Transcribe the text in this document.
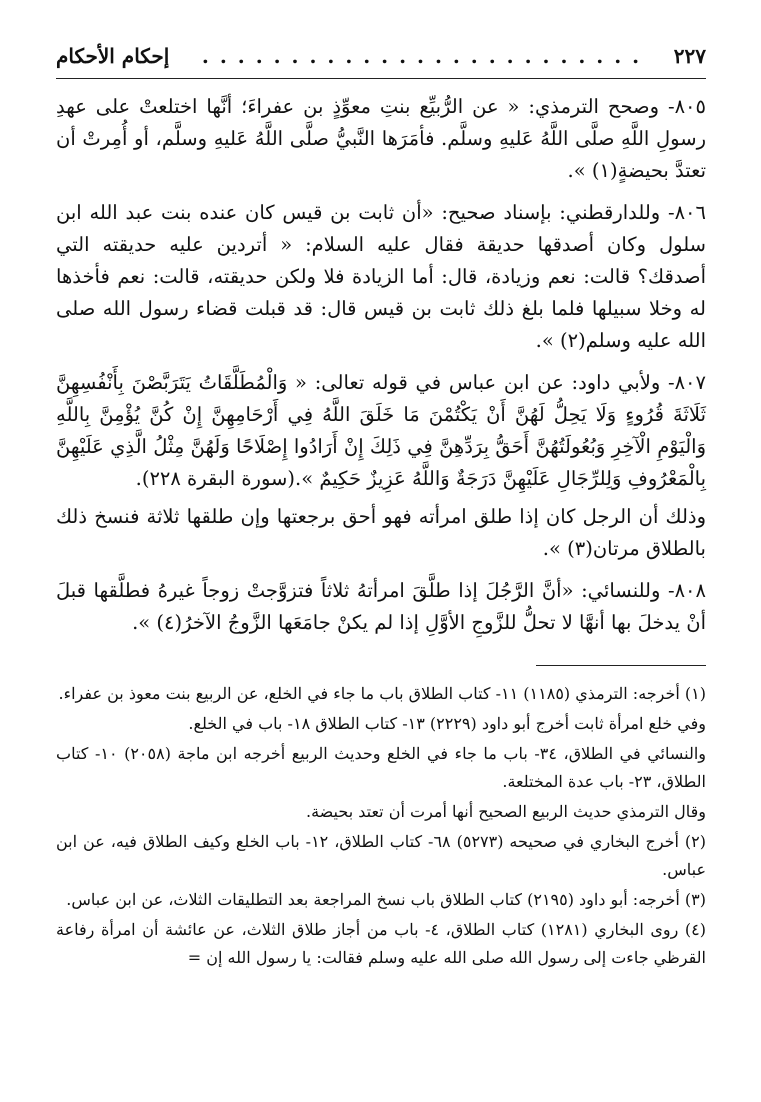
٢٢٧
. . . . . . . . . . . . . . . . . . . . . . . . .
إحكام الأحكام

٨٠٥- وصحح الترمذي: « عن الرُّبيِّع بنتِ معوِّذٍ بن عفراءَ؛ أنَّها اختلعتْ على عهدِ رسولِ اللَّهِ صلَّى اللَّهُ عَليهِ وسلَّم. فأمَرَها النَّبيُّ صلَّى اللَّهُ عَليهِ وسلَّم، أو أُمِرتْ أن تعتدَّ بحيضةٍ(١) ».

٨٠٦- وللدارقطني: بإسناد صحيح: «أن ثابت بن قيس كان عنده بنت عبد الله ابن سلول وكان أصدقها حديقة فقال عليه السلام: « أتردين عليه حديقته التي أصدقك؟ قالت: نعم وزيادة، قال: أما الزيادة فلا ولكن حديقته، قالت: نعم فأخذها له وخلا سبيلها فلما بلغ ذلك ثابت بن قيس قال: قد قبلت قضاء رسول الله صلى الله عليه وسلم(٢) ».

٨٠٧- ولأبي داود: عن ابن عباس في قوله تعالى: « وَالْمُطَلَّقَاتُ يَتَرَبَّصْنَ بِأَنْفُسِهِنَّ ثَلَاثَةَ قُرُوءٍ وَلَا يَحِلُّ لَهُنَّ أَنْ يَكْتُمْنَ مَا خَلَقَ اللَّهُ فِي أَرْحَامِهِنَّ إِنْ كُنَّ يُؤْمِنَّ بِاللَّهِ وَالْيَوْمِ الْآخِرِ وَبُعُولَتُهُنَّ أَحَقُّ بِرَدِّهِنَّ فِي ذَلِكَ إِنْ أَرَادُوا إِصْلَاحًا وَلَهُنَّ مِثْلُ الَّذِي عَلَيْهِنَّ بِالْمَعْرُوفِ وَلِلرِّجَالِ عَلَيْهِنَّ دَرَجَةٌ وَاللَّهُ عَزِيزٌ حَكِيمٌ ».(سورة البقرة ٢٢٨).

وذلك أن الرجل كان إذا طلق امرأته فهو أحق برجعتها وإن طلقها ثلاثة فنسخ ذلك بالطلاق مرتان(٣) ».

٨٠٨- وللنسائي: «أنَّ الرَّجُلَ إذا طلَّقَ امرأتهُ ثلاثاً فتزوَّجتْ زوجاً غيرهُ فطلَّقها قبلَ أنْ يدخلَ بها أنهَّا لا تحلُّ للزَّوجِ الأوَّلِ إذا لم يكنْ جامَعَها الزَّوجُ الآخرُ(٤) ».

(١) أخرجه: الترمذي (١١٨٥) ١١- كتاب الطلاق باب ما جاء في الخلع، عن الربيع بنت معوذ بن عفراء.

وفي خلع امرأة ثابت أخرج أبو داود (٢٢٢٩) ١٣- كتاب الطلاق ١٨- باب في الخلع.

والنسائي في الطلاق، ٣٤- باب ما جاء في الخلع وحديث الربيع أخرجه ابن ماجة (٢٠٥٨) ١٠- كتاب الطلاق، ٢٣- باب عدة المختلعة.

وقال الترمذي حديث الربيع الصحيح أنها أمرت أن تعتد بحيضة.

(٢) أخرج البخاري في صحيحه (٥٢٧٣) ٦٨- كتاب الطلاق، ١٢- باب الخلع وكيف الطلاق فيه، عن ابن عباس.

(٣) أخرجه: أبو داود (٢١٩٥) كتاب الطلاق باب نسخ المراجعة بعد التطليقات الثلاث، عن ابن عباس.

(٤) روى البخاري (١٢٨١) كتاب الطلاق، ٤- باب من أجاز طلاق الثلاث، عن عائشة أن امرأة رفاعة القرظي جاءت إلى رسول الله صلى الله عليه وسلم فقالت: يا رسول الله إن =
